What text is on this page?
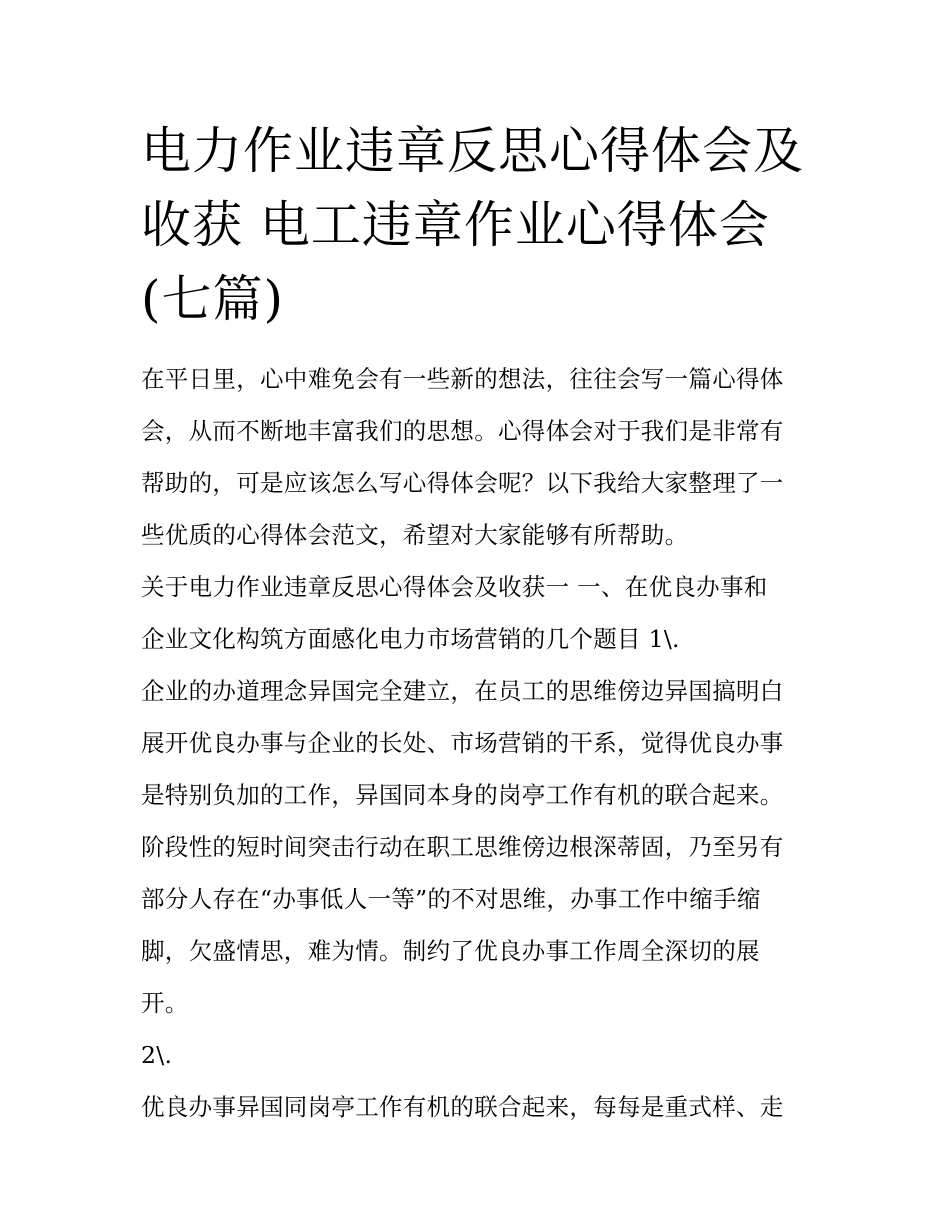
电力作业违章反思心得体会及
收获 电工违章作业心得体会
(七篇)

在平日里，心中难免会有一些新的想法，往往会写一篇心得体

会，从而不断地丰富我们的思想。心得体会对于我们是非常有

帮助的，可是应该怎么写心得体会呢？以下我给大家整理了一

些优质的心得体会范文，希望对大家能够有所帮助。

关于电力作业违章反思心得体会及收获一 一、在优良办事和

企业文化构筑方面感化电力市场营销的几个题目 1\.

企业的办道理念异国完全建立，在员工的思维傍边异国搞明白

展开优良办事与企业的长处、市场营销的干系，觉得优良办事

是特别负加的工作，异国同本身的岗亭工作有机的联合起来。

阶段性的短时间突击行动在职工思维傍边根深蒂固，乃至另有

部分人存在“办事低人一等”的不对思维，办事工作中缩手缩

脚，欠盛情思，难为情。制约了优良办事工作周全深切的展

开。

2\.

优良办事异国同岗亭工作有机的联合起来，每每是重式样、走
